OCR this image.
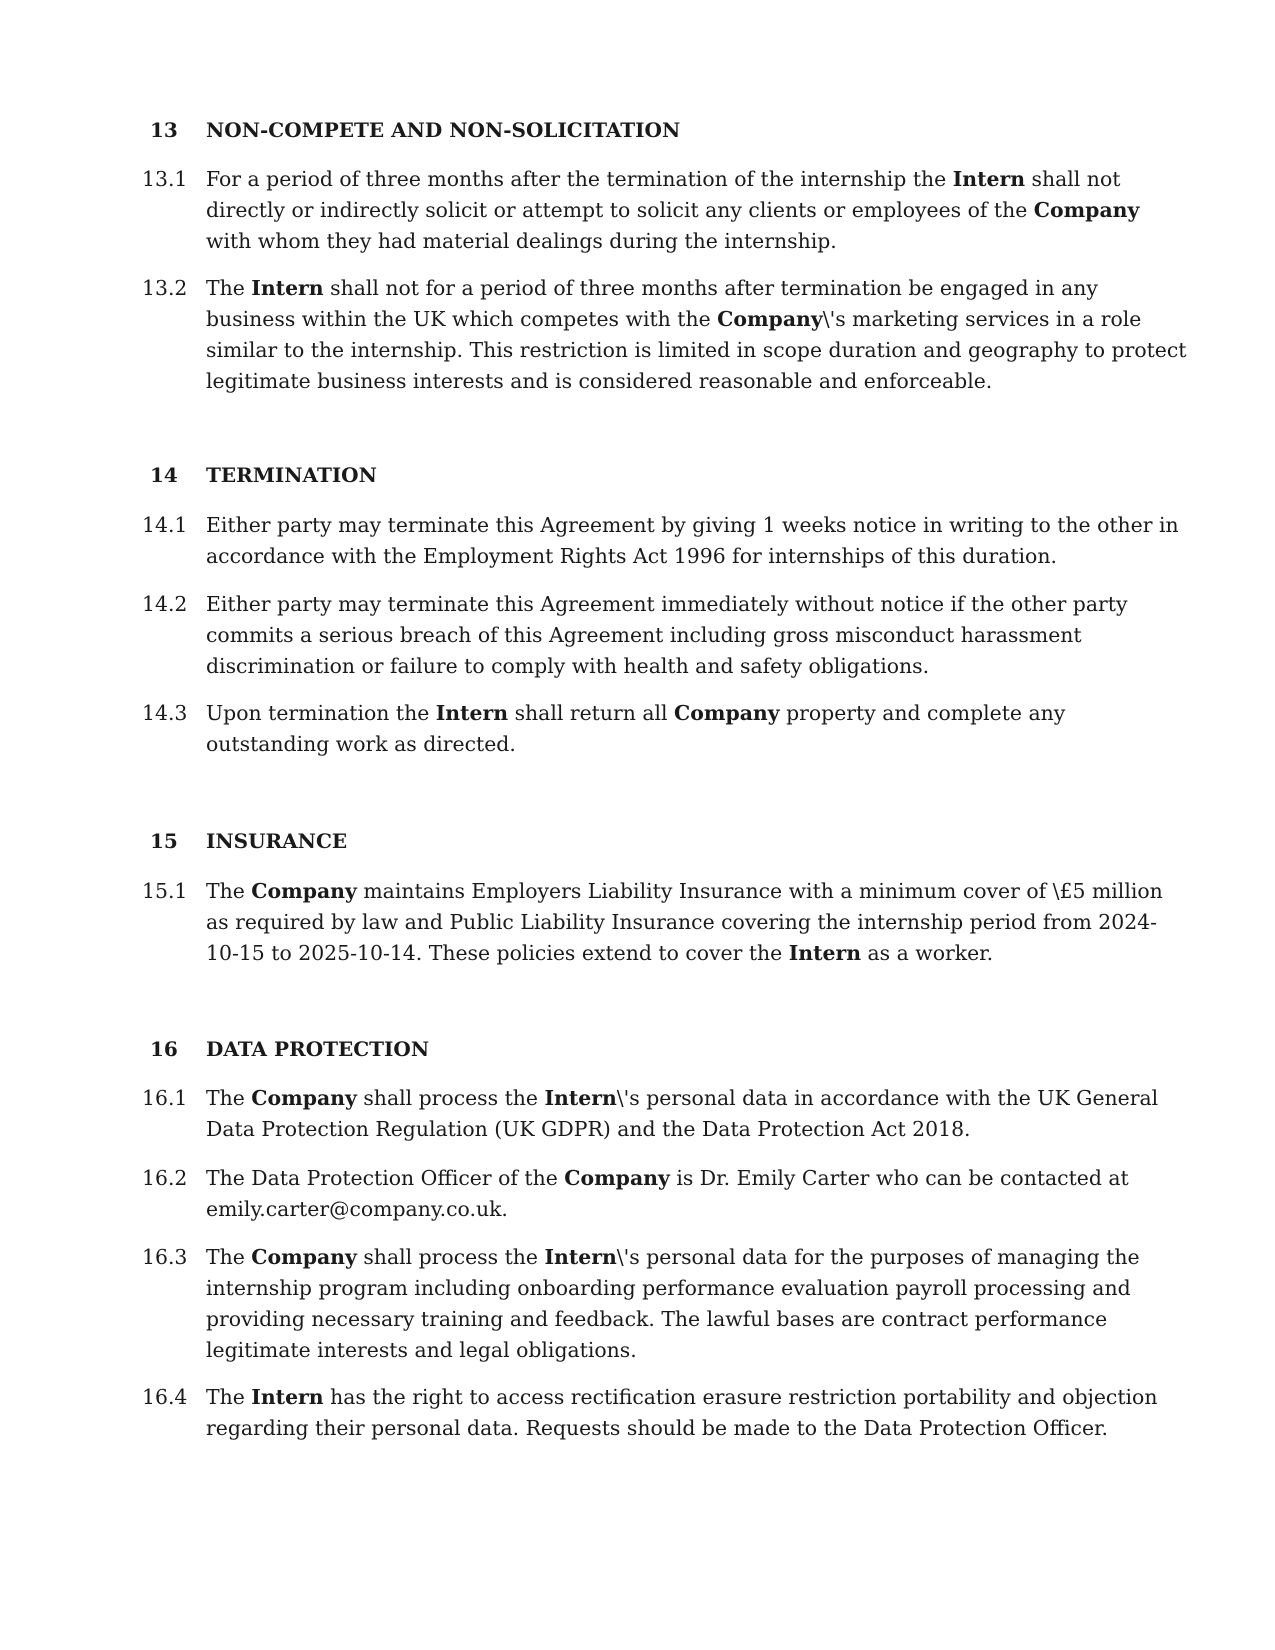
13	NON-COMPETE AND NON-SOLICITATION
13.1 For a period of three months after the termination of the internship the Intern shall not
directly or indirectly solicit or attempt to solicit any clients or employees of the Company
with whom they had material dealings during the internship.
13.2 The Intern shall not for a period of three months after termination be engaged in any
business within the UK which competes with the Company\'s marketing services in a role
similar to the internship. This restriction is limited in scope duration and geography to protect
legitimate business interests and is considered reasonable and enforceable.
14	TERMINATION
14.1 Either party may terminate this Agreement by giving 1 weeks notice in writing to the other in
accordance with the Employment Rights Act 1996 for internships of this duration.
14.2 Either party may terminate this Agreement immediately without notice if the other party
commits a serious breach of this Agreement including gross misconduct harassment
discrimination or failure to comply with health and safety obligations.
14.3 Upon termination the Intern shall return all Company property and complete any
outstanding work as directed.
15	INSURANCE
15.1 The Company maintains Employers Liability Insurance with a minimum cover of \£5 million
as required by law and Public Liability Insurance covering the internship period from 2024-
10-15 to 2025-10-14. These policies extend to cover the Intern as a worker.
16	DATA PROTECTION
16.1 The Company shall process the Intern\'s personal data in accordance with the UK General
Data Protection Regulation (UK GDPR) and the Data Protection Act 2018.
16.2 The Data Protection Officer of the Company is Dr. Emily Carter who can be contacted at
emily.carter@company.co.uk.
16.3 The Company shall process the Intern\'s personal data for the purposes of managing the
internship program including onboarding performance evaluation payroll processing and
providing necessary training and feedback. The lawful bases are contract performance
legitimate interests and legal obligations.
16.4 The Intern has the right to access rectification erasure restriction portability and objection
regarding their personal data. Requests should be made to the Data Protection Officer.
